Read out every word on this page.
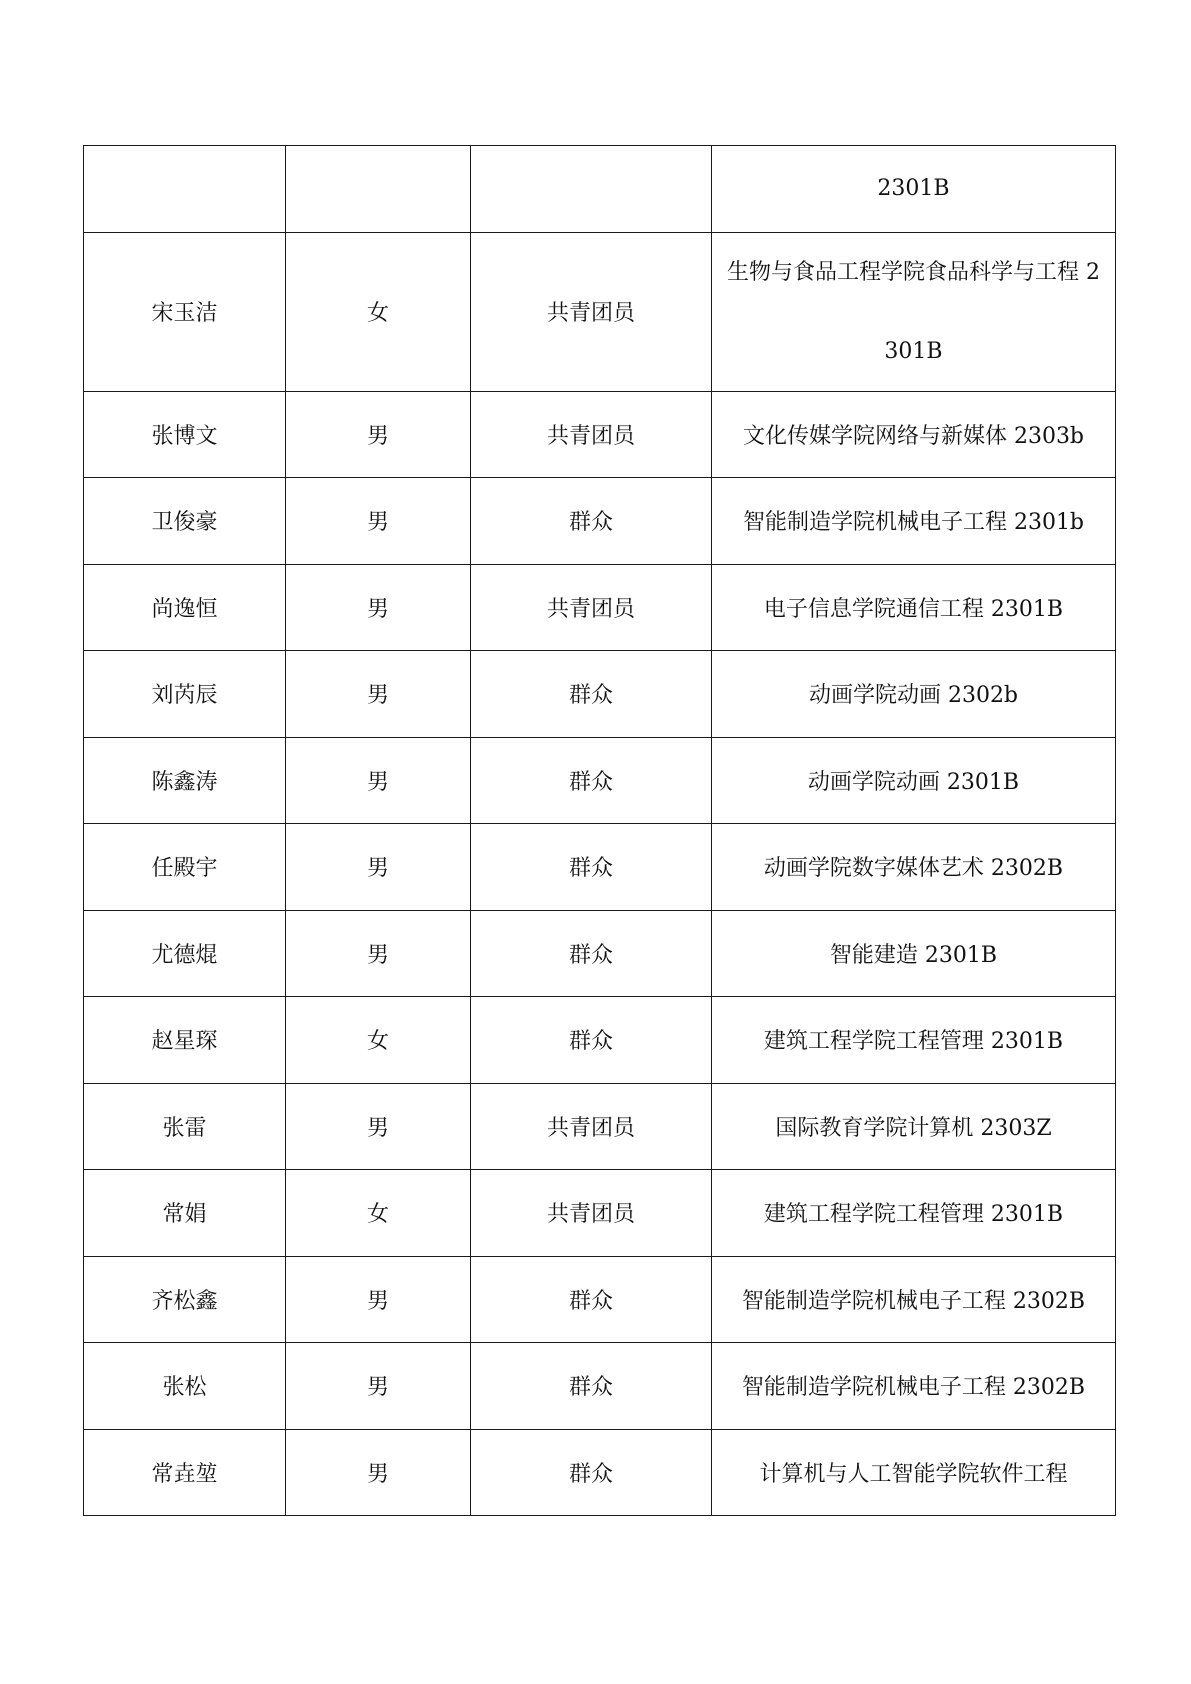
			2301B
宋玉洁	女	共青团员	生物与食品工程学院食品科学与工程 2301B
张博文	男	共青团员	文化传媒学院网络与新媒体 2303b
卫俊豪	男	群众	智能制造学院机械电子工程 2301b
尚逸恒	男	共青团员	电子信息学院通信工程 2301B
刘芮辰	男	群众	动画学院动画 2302b
陈鑫涛	男	群众	动画学院动画 2301B
任殿宇	男	群众	动画学院数字媒体艺术 2302B
尤德焜	男	群众	智能建造 2301B
赵星琛	女	群众	建筑工程学院工程管理 2301B
张雷	男	共青团员	国际教育学院计算机 2303Z
常娟	女	共青团员	建筑工程学院工程管理 2301B
齐松鑫	男	群众	智能制造学院机械电子工程 2302B
张松	男	群众	智能制造学院机械电子工程 2302B
常垚堃	男	群众	计算机与人工智能学院软件工程
